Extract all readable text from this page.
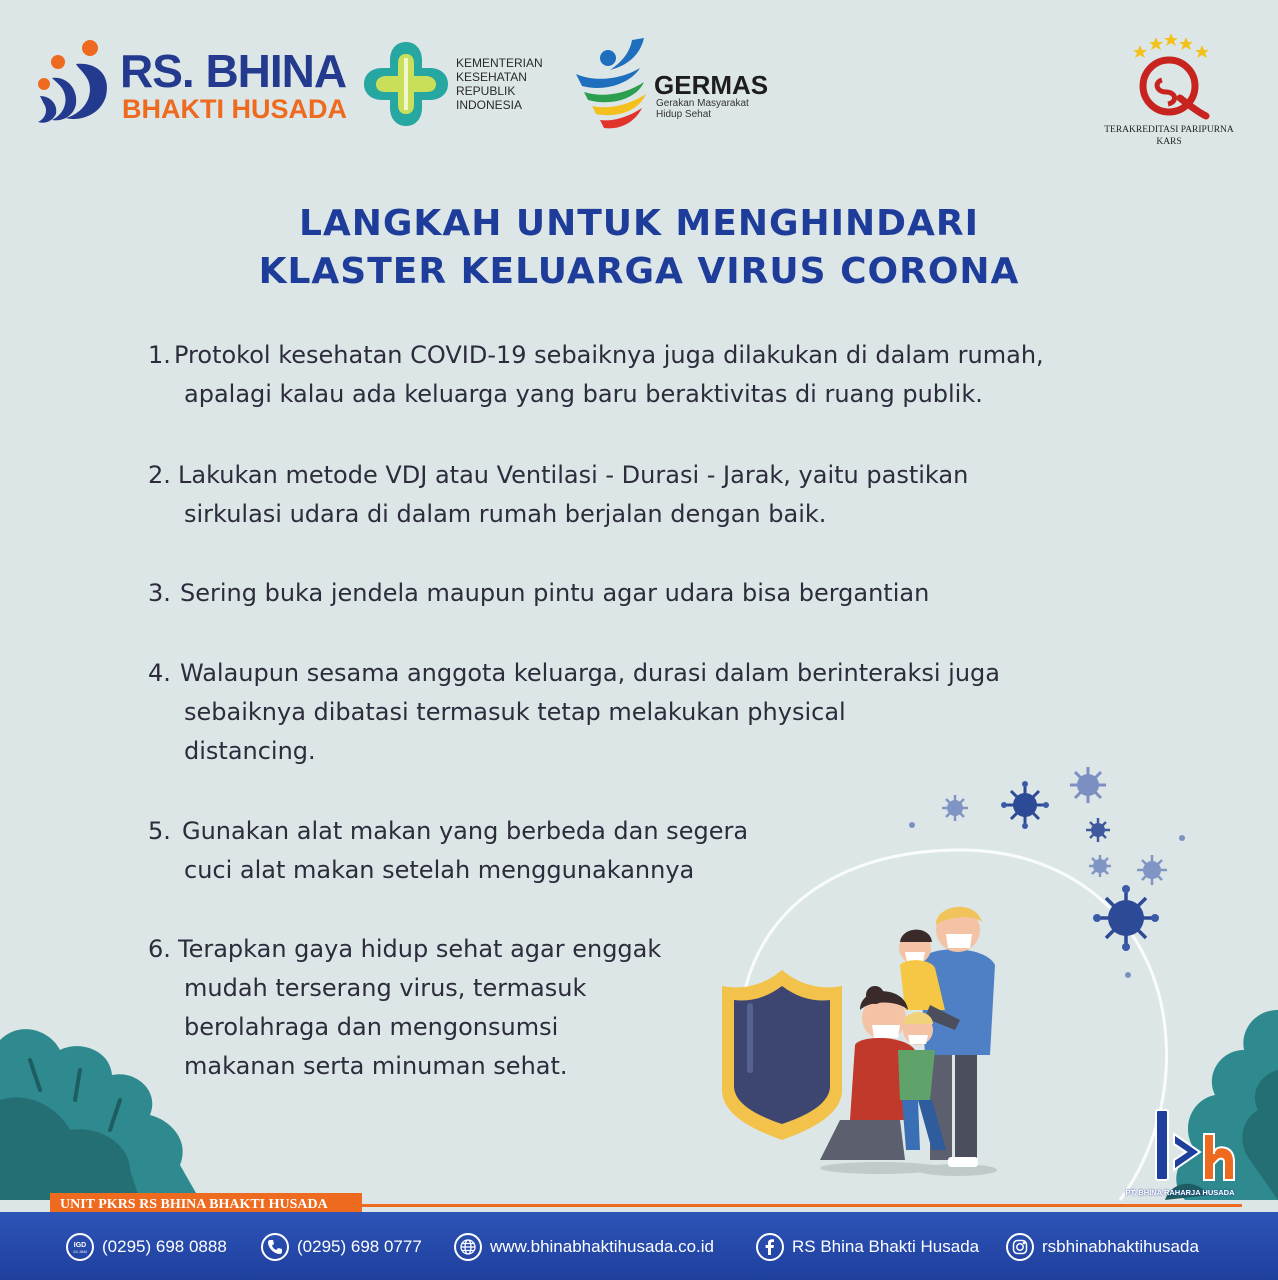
RS. BHINA
BHAKTI HUSADA
KEMENTERIAN
KESEHATAN
REPUBLIK
INDONESIA
GERMAS
Gerakan Masyarakat
Hidup Sehat
TERAKREDITASI PARIPURNA
KARS
LANGKAH UNTUK MENGHINDARI
KLASTER KELUARGA VIRUS CORONA
1. Protokol kesehatan COVID-19 sebaiknya juga dilakukan di dalam rumah,
apalagi kalau ada keluarga yang baru beraktivitas di ruang publik.
2. Lakukan metode VDJ atau Ventilasi - Durasi - Jarak, yaitu pastikan
sirkulasi udara di dalam rumah berjalan dengan baik.
3. Sering buka jendela maupun pintu agar udara bisa bergantian
4. Walaupun sesama anggota keluarga, durasi dalam berinteraksi juga
sebaiknya dibatasi termasuk tetap melakukan physical
distancing.
5. Gunakan alat makan yang berbeda dan segera
cuci alat makan setelah menggunakannya
6. Terapkan gaya hidup sehat agar enggak
mudah terserang virus, termasuk
berolahraga dan mengonsumsi
makanan serta minuman sehat.
PT. BHINA RAHARJA HUSADA
UNIT PKRS RS BHINA BHAKTI HUSADA
IGD
24 JAM (0295) 698 0888	(0295) 698 0777	www.bhinabhaktihusada.co.id	RS Bhina Bhakti Husada	rsbhinabhaktihusada
